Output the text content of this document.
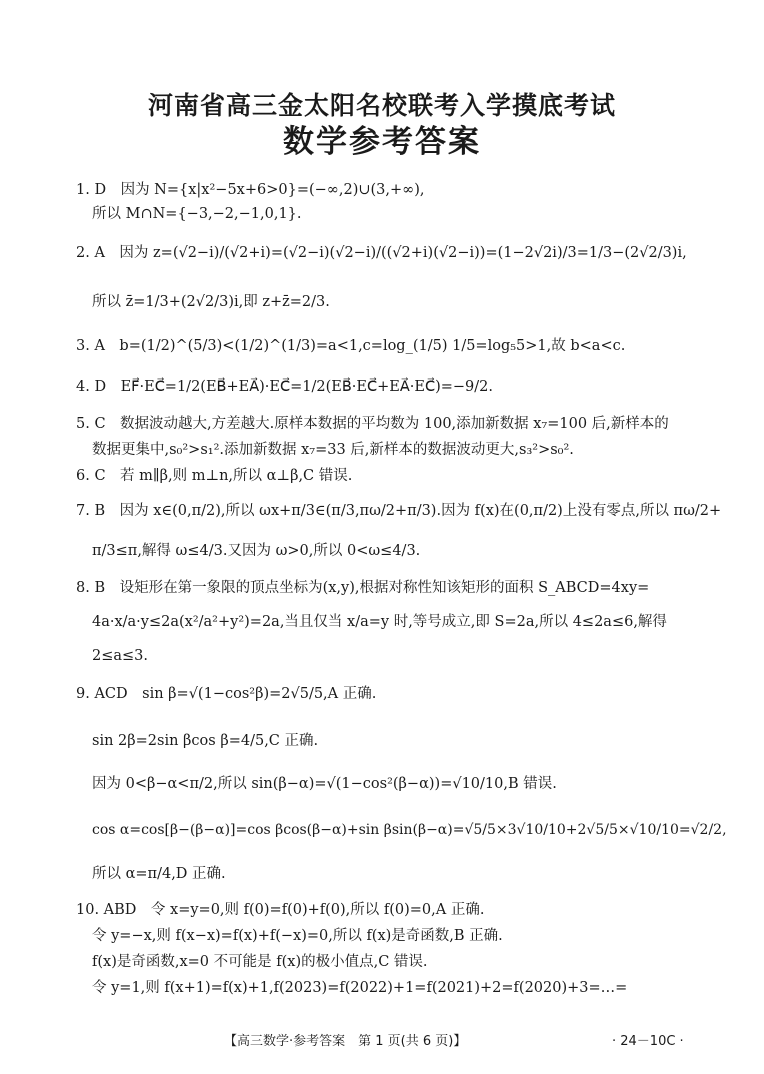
河南省高三金太阳名校联考入学摸底考试
数学参考答案
1. D　因为 N={x|x²−5x+6>0}=(−∞,2)∪(3,+∞),
所以 M∩N={−3,−2,−1,0,1}.
2. A　因为 z=(√2−i)/(√2+i)=(√2−i)(√2−i)/((√2+i)(√2−i))=(1−2√2i)/3=1/3−(2√2/3)i,
所以 z̄=1/3+(2√2/3)i,即 z+z̄=2/3.
3. A　b=(1/2)^(5/3)<(1/2)^(1/3)=a<1,c=log_(1/5) 1/5=log₅5>1,故 b<a<c.
4. D　EF⃗·EC⃗=1/2(EB⃗+EA⃗)·EC⃗=1/2(EB⃗·EC⃗+EA⃗·EC⃗)=−9/2.
5. C　数据波动越大,方差越大.原样本数据的平均数为 100,添加新数据 x₇=100 后,新样本的
数据更集中,s₀²>s₁².添加新数据 x₇=33 后,新样本的数据波动更大,s₃²>s₀².
6. C　若 m∥β,则 m⊥n,所以 α⊥β,C 错误.
7. B　因为 x∈(0,π/2),所以 ωx+π/3∈(π/3,πω/2+π/3).因为 f(x)在(0,π/2)上没有零点,所以 πω/2+
π/3≤π,解得 ω≤4/3.又因为 ω>0,所以 0<ω≤4/3.
8. B　设矩形在第一象限的顶点坐标为(x,y),根据对称性知该矩形的面积 S_ABCD=4xy=
4a·x/a·y≤2a(x²/a²+y²)=2a,当且仅当 x/a=y 时,等号成立,即 S=2a,所以 4≤2a≤6,解得
2≤a≤3.
9. ACD　sin β=√(1−cos²β)=2√5/5,A 正确.
sin 2β=2sin βcos β=4/5,C 正确.
因为 0<β−α<π/2,所以 sin(β−α)=√(1−cos²(β−α))=√10/10,B 错误.
cos α=cos[β−(β−α)]=cos βcos(β−α)+sin βsin(β−α)=√5/5×3√10/10+2√5/5×√10/10=√2/2,
所以 α=π/4,D 正确.
10. ABD　令 x=y=0,则 f(0)=f(0)+f(0),所以 f(0)=0,A 正确.
令 y=−x,则 f(x−x)=f(x)+f(−x)=0,所以 f(x)是奇函数,B 正确.
f(x)是奇函数,x=0 不可能是 f(x)的极小值点,C 错误.
令 y=1,则 f(x+1)=f(x)+1,f(2023)=f(2022)+1=f(2021)+2=f(2020)+3=…=
【高三数学·参考答案　第 1 页(共 6 页)】	· 24－10C ·
